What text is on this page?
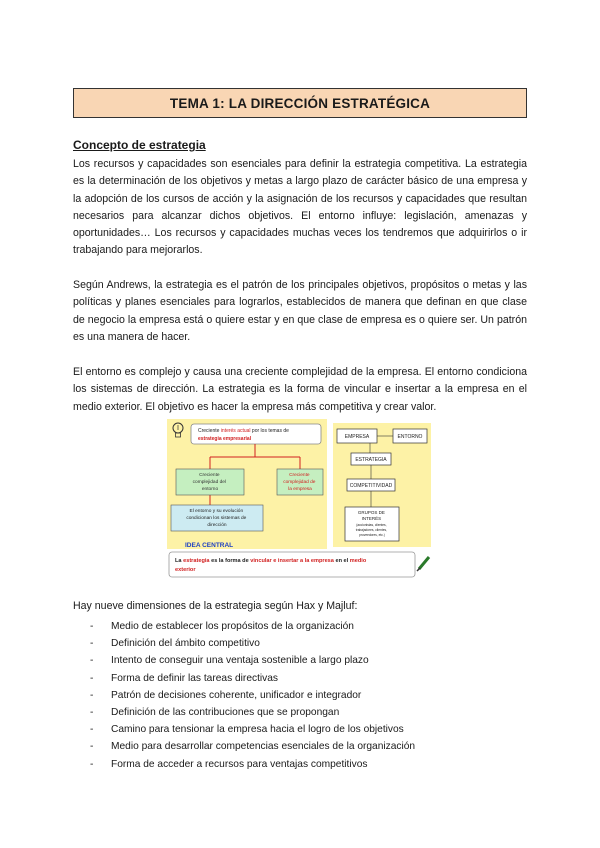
TEMA 1: LA DIRECCIÓN ESTRATÉGICA
Concepto de estrategia
Los recursos y capacidades son esenciales para definir la estrategia competitiva. La estrategia es la determinación de los objetivos y metas a largo plazo de carácter básico de una empresa y la adopción de los cursos de acción y la asignación de los recursos y capacidades que resultan necesarios para alcanzar dichos objetivos. El entorno influye: legislación, amenazas y oportunidades… Los recursos y capacidades muchas veces los tendremos que adquirirlos o ir trabajando para mejorarlos.
Según Andrews, la estrategia es el patrón de los principales objetivos, propósitos o metas y las políticas y planes esenciales para lograrlos, establecidos de manera que definan en que clase de negocio la empresa está o quiere estar y en que clase de empresa es o quiere ser. Un patrón es una manera de hacer.
El entorno es complejo y causa una creciente complejidad de la empresa. El entorno condiciona los sistemas de dirección. La estrategia es la forma de vincular e insertar a la empresa en el medio exterior. El objetivo es hacer la empresa más competitiva y crear valor.
Creciente interés actual por los temas de
estrategia empresarial
Creciente complejidad del entorno
Creciente complejidad de la empresa
El entorno y su evolución condicionan los sistemas de dirección
IDEA CENTRAL
La estrategia es la forma de vincular e insertar a la empresa en el medio
exterior
EMPRESA	ENTORNO
ESTRATEGIA
COMPETITIVIDAD
GRUPOS DE INTERÉS (accionistas, clientes, trabajadores, clientes, proveedores, etc.)
Hay nueve dimensiones de la estrategia según Hax y Majluf:
- Medio de establecer los propósitos de la organización
- Definición del ámbito competitivo
- Intento de conseguir una ventaja sostenible a largo plazo
- Forma de definir las tareas directivas
- Patrón de decisiones coherente, unificador e integrador
- Definición de las contribuciones que se propongan
- Camino para tensionar la empresa hacia el logro de los objetivos
- Medio para desarrollar competencias esenciales de la organización
- Forma de acceder a recursos para ventajas competitivos
